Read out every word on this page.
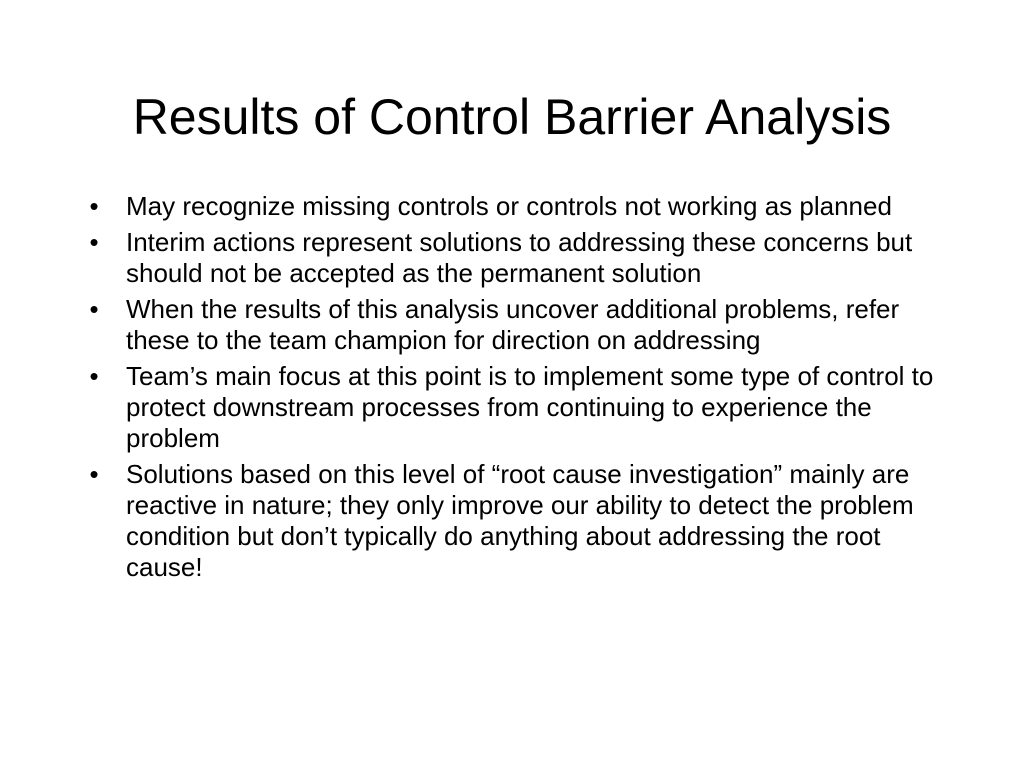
Results of Control Barrier Analysis
• May recognize missing controls or controls not working as planned
• Interim actions represent solutions to addressing these concerns but should not be accepted as the permanent solution
• When the results of this analysis uncover additional problems, refer these to the team champion for direction on addressing
• Team’s main focus at this point is to implement some type of control to protect downstream processes from continuing to experience the problem
• Solutions based on this level of “root cause investigation” mainly are reactive in nature; they only improve our ability to detect the problem condition but don’t typically do anything about addressing the root cause!
